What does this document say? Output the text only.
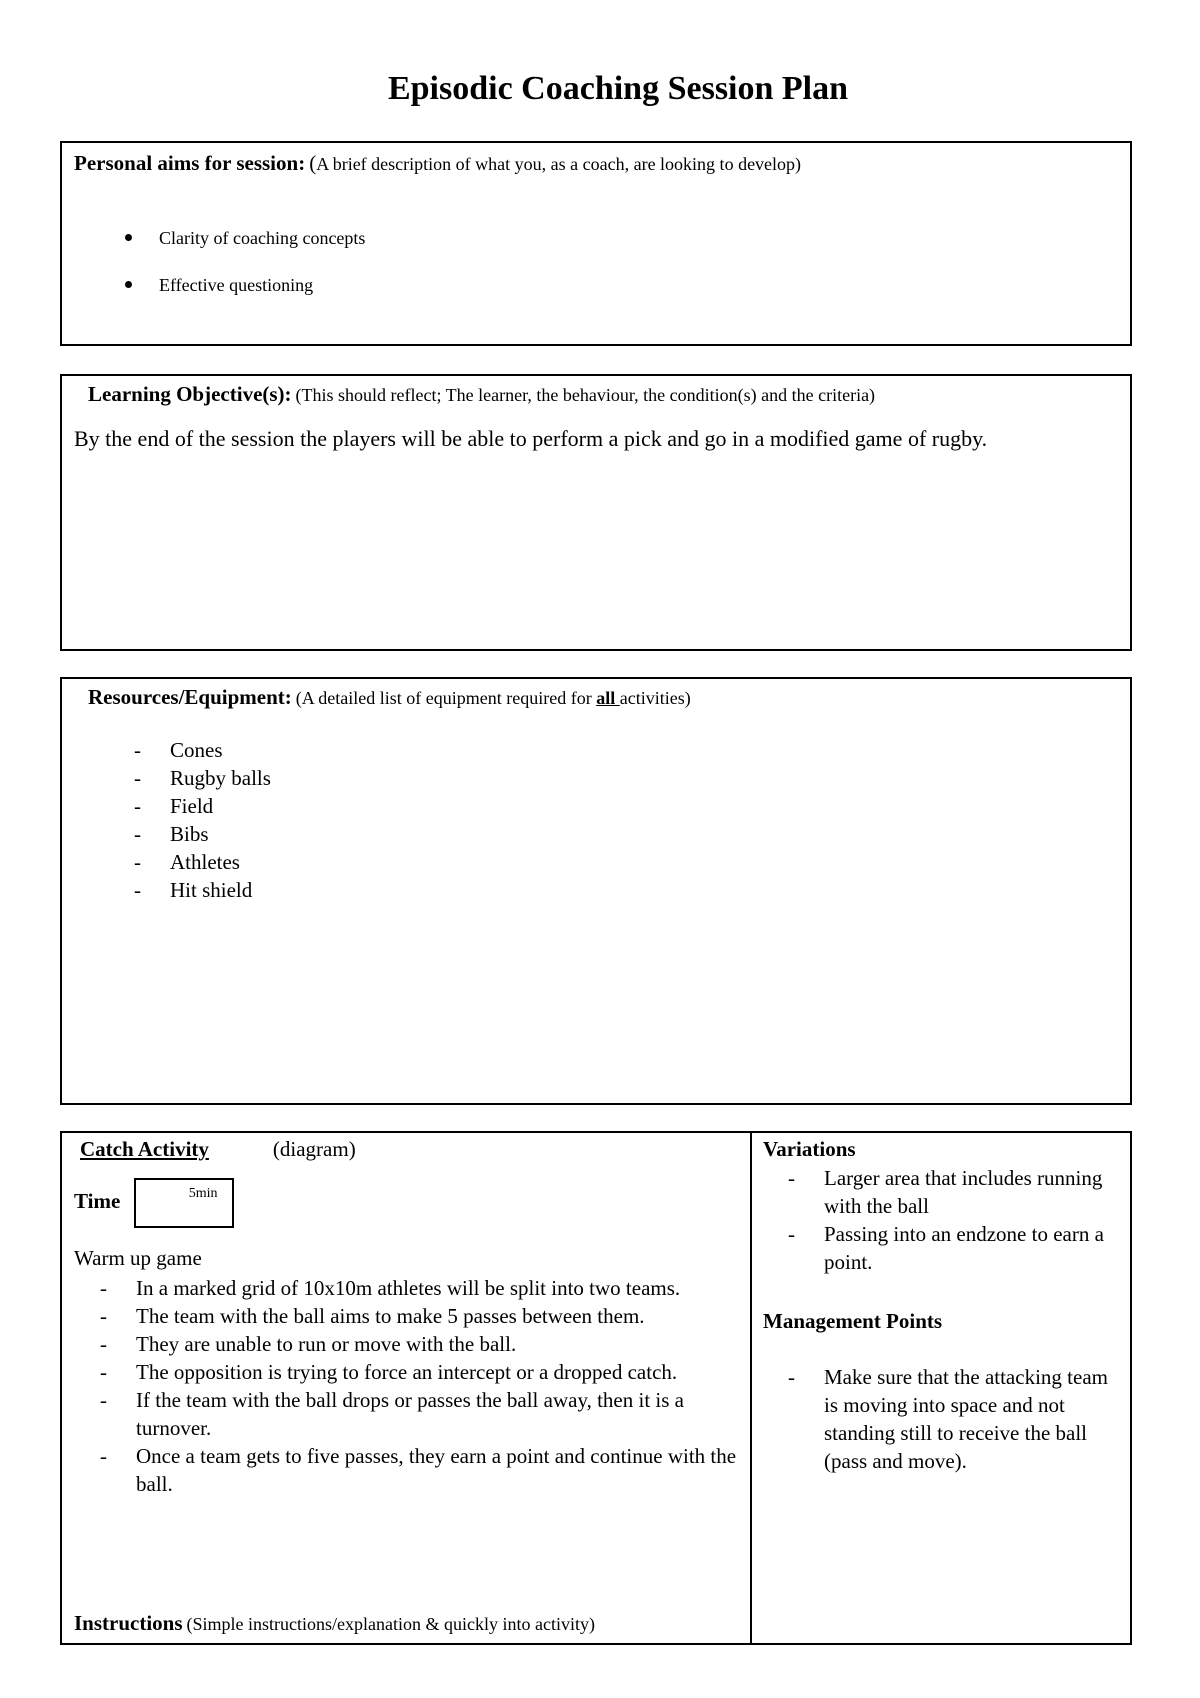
Episodic Coaching Session Plan
Personal aims for session: (A brief description of what you, as a coach, are looking to develop)
Clarity of coaching concepts
Effective questioning
Learning Objective(s): (This should reflect; The learner, the behaviour, the condition(s) and the criteria)
By the end of the session the players will be able to perform a pick and go in a modified game of rugby.
Resources/Equipment: (A detailed list of equipment required for all activities)
- Cones
- Rugby balls
- Field
- Bibs
- Athletes
- Hit shield
Catch Activity	(diagram)
Time	5min
Warm up game
- In a marked grid of 10x10m athletes will be split into two teams.
- The team with the ball aims to make 5 passes between them.
- They are unable to run or move with the ball.
- The opposition is trying to force an intercept or a dropped catch.
- If the team with the ball drops or passes the ball away, then it is a turnover.
- Once a team gets to five passes, they earn a point and continue with the ball.
Instructions (Simple instructions/explanation & quickly into activity)
Variations
- Larger area that includes running with the ball
- Passing into an endzone to earn a point.
Management Points
- Make sure that the attacking team is moving into space and not standing still to receive the ball (pass and move).
